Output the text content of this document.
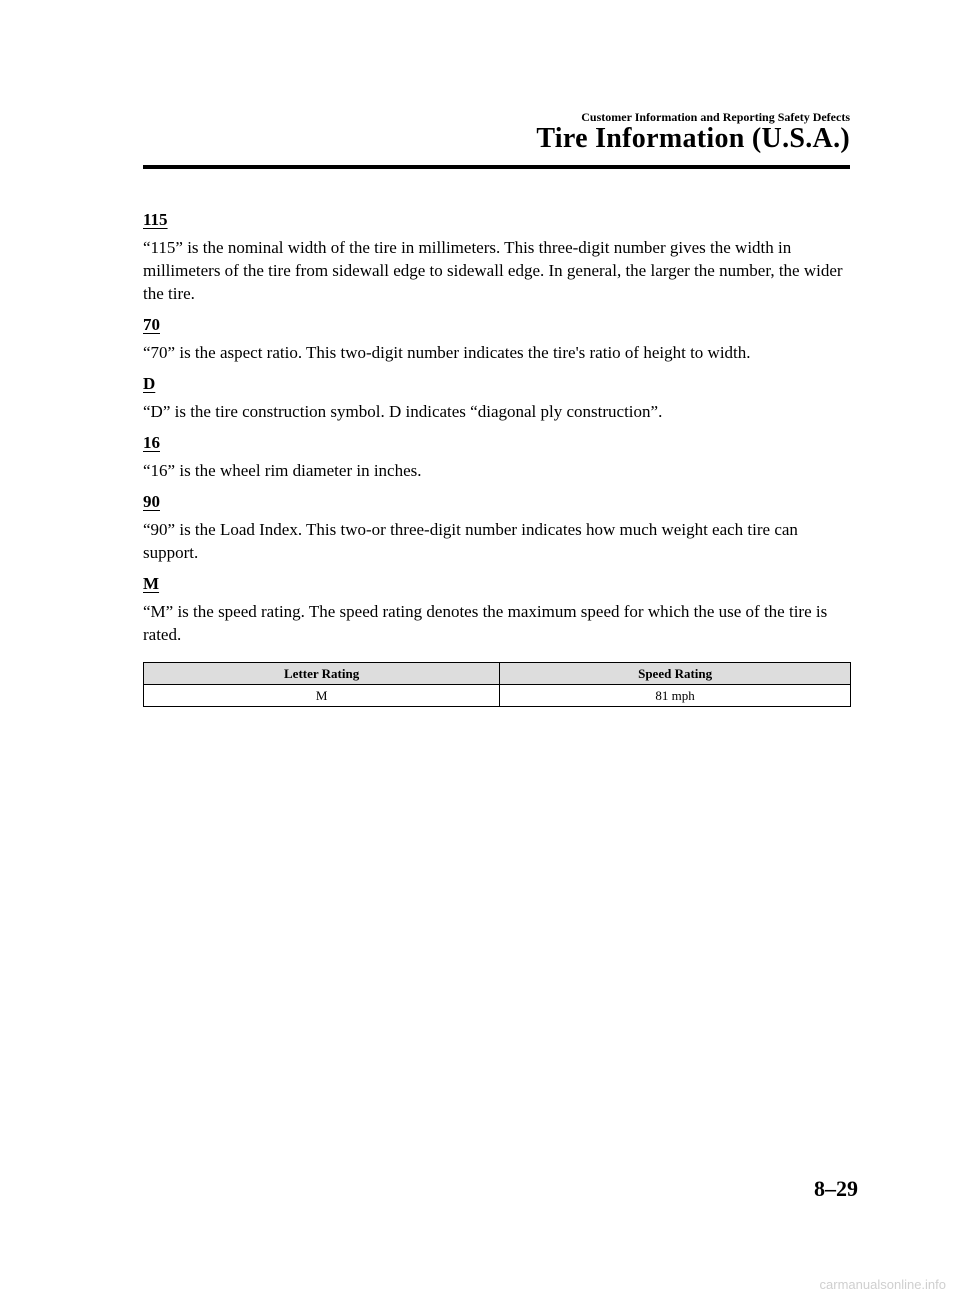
Customer Information and Reporting Safety Defects
Tire Information (U.S.A.)
115
“115” is the nominal width of the tire in millimeters. This three-digit number gives the width in millimeters of the tire from sidewall edge to sidewall edge. In general, the larger the number, the wider the tire.
70
“70” is the aspect ratio. This two-digit number indicates the tire's ratio of height to width.
D
“D” is the tire construction symbol. D indicates “diagonal ply construction”.
16
“16” is the wheel rim diameter in inches.
90
“90” is the Load Index. This two-or three-digit number indicates how much weight each tire can support.
M
“M” is the speed rating. The speed rating denotes the maximum speed for which the use of the tire is rated.
Letter Rating	Speed Rating
M	81 mph
8–29
carmanualsonline.info
